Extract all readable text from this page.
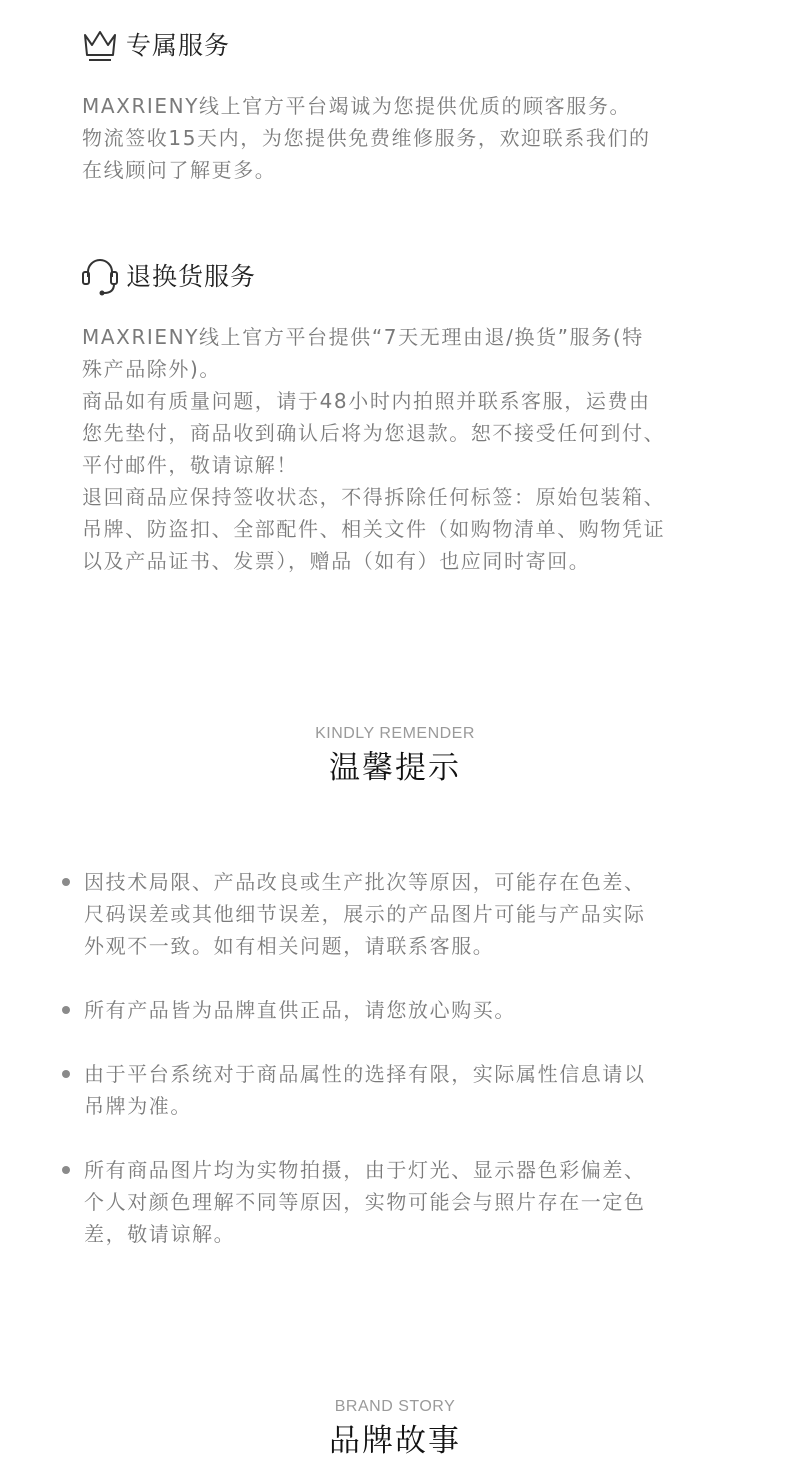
专属服务

MAXRIENY线上官方平台竭诚为您提供优质的顾客服务。

物流签收15天内，为您提供免费维修服务，欢迎联系我们的

在线顾问了解更多。

退换货服务

MAXRIENY线上官方平台提供“7天无理由退/换货”服务(特

殊产品除外)。

商品如有质量问题，请于48小时内拍照并联系客服，运费由

您先垫付，商品收到确认后将为您退款。恕不接受任何到付、

平付邮件，敬请谅解！

退回商品应保持签收状态，不得拆除任何标签：原始包装箱、

吊牌、防盗扣、全部配件、相关文件（如购物清单、购物凭证

以及产品证书、发票），赠品（如有）也应同时寄回。

KINDLY REMENDER
温馨提示
因技术局限、产品改良或生产批次等原因，可能存在色差、
尺码误差或其他细节误差，展示的产品图片可能与产品实际
外观不一致。如有相关问题，请联系客服。
所有产品皆为品牌直供正品，请您放心购买。
由于平台系统对于商品属性的选择有限，实际属性信息请以
吊牌为准。
所有商品图片均为实物拍摄，由于灯光、显示器色彩偏差、
个人对颜色理解不同等原因，实物可能会与照片存在一定色
差，敬请谅解。
BRAND STORY
品牌故事
